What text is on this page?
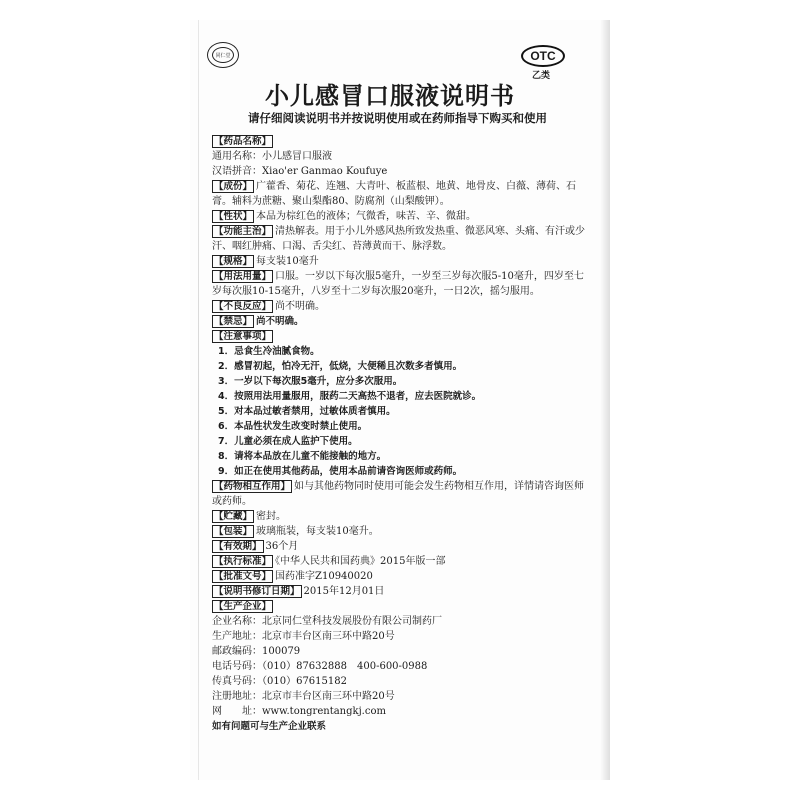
同仁堂	OTC
乙类
小儿感冒口服液说明书
请仔细阅读说明书并按说明使用或在药师指导下购买和使用
【药品名称】
通用名称：小儿感冒口服液
汉语拼音：Xiao'er Ganmao Koufuye
【成份】 广藿香、菊花、连翘、大青叶、板蓝根、地黄、地骨皮、白薇、薄荷、石膏。辅料为蔗糖、聚山梨酯80、防腐剂（山梨酸钾）。
【性状】 本品为棕红色的液体；气微香，味苦、辛、微甜。
【功能主治】 清热解表。用于小儿外感风热所致发热重、微恶风寒、头痛、有汗或少汗、咽红肿痛、口渴、舌尖红、苔薄黄而干、脉浮数。
【规格】 每支装10毫升
【用法用量】 口服。一岁以下每次服5毫升，一岁至三岁每次服5-10毫升，四岁至七岁每次服10-15毫升，八岁至十二岁每次服20毫升，一日2次，摇匀服用。
【不良反应】 尚不明确。
【禁忌】 尚不明确。
【注意事项】
1．忌食生冷油腻食物。
2．感冒初起，怕冷无汗，低烧，大便稀且次数多者慎用。
3．一岁以下每次服5毫升，应分多次服用。
4．按照用法用量服用，服药二天高热不退者，应去医院就诊。
5．对本品过敏者禁用，过敏体质者慎用。
6．本品性状发生改变时禁止使用。
7．儿童必须在成人监护下使用。
8．请将本品放在儿童不能接触的地方。
9．如正在使用其他药品，使用本品前请咨询医师或药师。
【药物相互作用】 如与其他药物同时使用可能会发生药物相互作用，详情请咨询医师或药师。
【贮藏】 密封。
【包装】 玻璃瓶装，每支装10毫升。
【有效期】 36个月
【执行标准】 《中华人民共和国药典》2015年版一部
【批准文号】 国药准字Z10940020
【说明书修订日期】 2015年12月01日
【生产企业】
企业名称：北京同仁堂科技发展股份有限公司制药厂
生产地址：北京市丰台区南三环中路20号
邮政编码：100079
电话号码：（010）87632888　400-600-0988
传真号码：（010）67615182
注册地址：北京市丰台区南三环中路20号
网　　址：www.tongrentangkj.com
如有问题可与生产企业联系
